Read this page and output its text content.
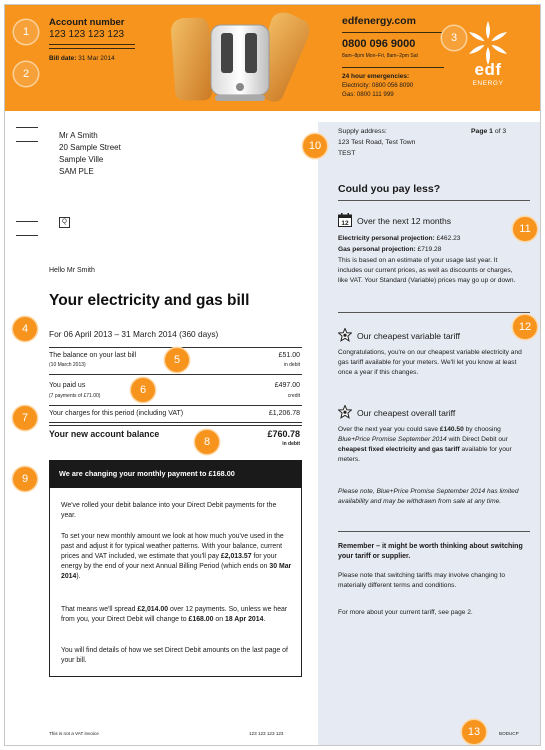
Account number
123 123 123 123
Bill date: 31 Mar 2014
edfenergy.com
0800 096 9000
8am–8pm Mon–Fri, 8am–2pm Sat
24 hour emergencies:
Electricity: 0800 056 8090
Gas: 0800 111 999
edf
ENERGY
Mr A Smith
20 Sample Street
Sample Ville
SAM PLE
Q
Supply address:
123 Test Road, Test Town
TEST
Page 1 of 3
Could you pay less?
12 Over the next 12 months
Electricity personal projection: £462.23
Gas personal projection: £719.28
This is based on an estimate of your usage last year. It includes our current prices, as well as discounts or charges, like VAT. Your Standard (Variable) prices may go up or down.
Our cheapest variable tariff
Congratulations, you're on our cheapest variable electricity and gas tariff available for your meters. We'll let you know at least once a year if this changes.
Our cheapest overall tariff
Over the next year you could save £140.50 by choosing Blue+Price Promise September 2014 with Direct Debit our cheapest fixed electricity and gas tariff available for your meters.
Please note, Blue+Price Promise September 2014 has limited availability and may be withdrawn from sale at any time.
Remember – it might be worth thinking about switching your tariff or supplier.
Please note that switching tariffs may involve changing to materially different terms and conditions.
For more about your current tariff, see page 2.
Hello Mr Smith
Your electricity and gas bill
For 06 April 2013 – 31 March 2014 (360 days)
The balance on your last bill
(10 March 2013)
£51.00
in debit
You paid us
(7 payments of £71.00)
£497.00
credit
Your charges for this period (including VAT)	£1,206.78
Your new account balance	£760.78
in debit
We are changing your monthly payment to £168.00
We've rolled your debit balance into your Direct Debit payments for the year.
To set your new monthly amount we look at how much you've used in the past and adjust it for typical weather patterns. With your balance, current prices and VAT included, we estimate that you'll pay £2,013.57 for your energy by the end of your next Annual Billing Period (which ends on 30 Mar 2014).
That means we'll spread £2,014.00 over 12 payments. So, unless we hear from you, your Direct Debit will change to £168.00 on 18 Apr 2014.
You will find details of how we set Direct Debit amounts on the last page of your bill.
This is not a VAT invoice	123 123 123 123	BODUCP
1
2
3
4
5
6
7
8
9
10
11
12
13
